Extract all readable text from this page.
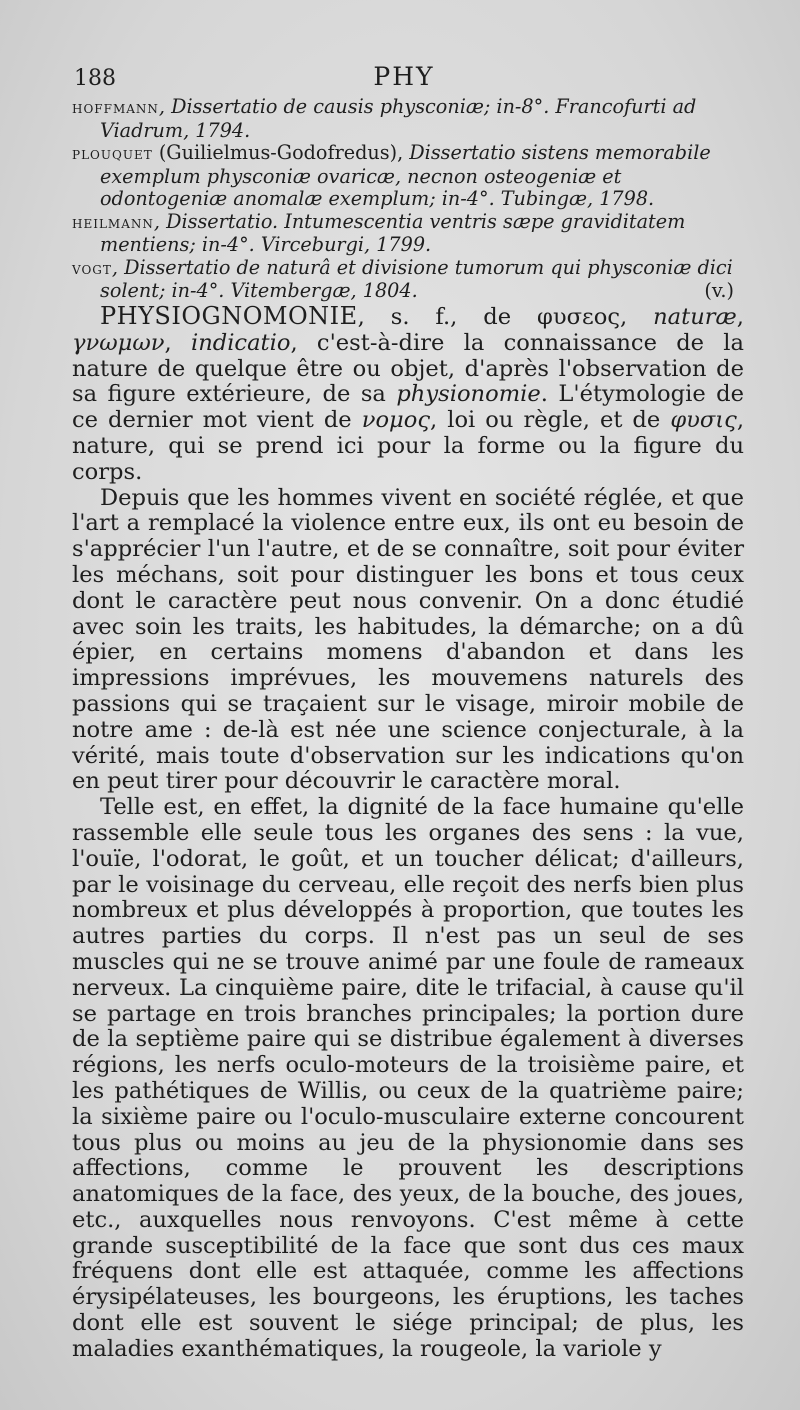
188	PHY

hoffmann, Dissertatio de causis physconiæ; in-8°. Francofurti ad Viadrum, 1794.

plouquet (Guilielmus-Godofredus), Dissertatio sistens memorabile exemplum physconiæ ovaricæ, necnon osteogeniæ et odontogeniæ anomalæ exemplum; in-4°. Tubingæ, 1798.

heilmann, Dissertatio. Intumescentia ventris sæpe graviditatem mentiens; in-4°. Virceburgi, 1799.

vogt, Dissertatio de naturâ et divisione tumorum qui physconiæ dici solent; in-4°. Vitembergæ, 1804.	(v.)

PHYSIOGNOMONIE, s. f., de φυσεος, naturæ, γνωμων, indicatio, c'est-à-dire la connaissance de la nature de quelque être ou objet, d'après l'observation de sa figure extérieure, de sa physionomie. L'étymologie de ce dernier mot vient de νομος, loi ou règle, et de φυσις, nature, qui se prend ici pour la forme ou la figure du corps.

Depuis que les hommes vivent en société réglée, et que l'art a remplacé la violence entre eux, ils ont eu besoin de s'apprécier l'un l'autre, et de se connaître, soit pour éviter les méchans, soit pour distinguer les bons et tous ceux dont le caractère peut nous convenir. On a donc étudié avec soin les traits, les habitudes, la démarche; on a dû épier, en certains momens d'abandon et dans les impressions imprévues, les mouvemens naturels des passions qui se traçaient sur le visage, miroir mobile de notre ame : de-là est née une science conjecturale, à la vérité, mais toute d'observation sur les indications qu'on en peut tirer pour découvrir le caractère moral.

Telle est, en effet, la dignité de la face humaine qu'elle rassemble elle seule tous les organes des sens : la vue, l'ouïe, l'odorat, le goût, et un toucher délicat; d'ailleurs, par le voisinage du cerveau, elle reçoit des nerfs bien plus nombreux et plus développés à proportion, que toutes les autres parties du corps. Il n'est pas un seul de ses muscles qui ne se trouve animé par une foule de rameaux nerveux. La cinquième paire, dite le trifacial, à cause qu'il se partage en trois branches principales; la portion dure de la septième paire qui se distribue également à diverses régions, les nerfs oculo-moteurs de la troisième paire, et les pathétiques de Willis, ou ceux de la quatrième paire; la sixième paire ou l'oculo-musculaire externe concourent tous plus ou moins au jeu de la physionomie dans ses affections, comme le prouvent les descriptions anatomiques de la face, des yeux, de la bouche, des joues, etc., auxquelles nous renvoyons. C'est même à cette grande susceptibilité de la face que sont dus ces maux fréquens dont elle est attaquée, comme les affections érysipélateuses, les bourgeons, les éruptions, les taches dont elle est souvent le siége principal; de plus, les maladies exanthématiques, la rougeole, la variole y
